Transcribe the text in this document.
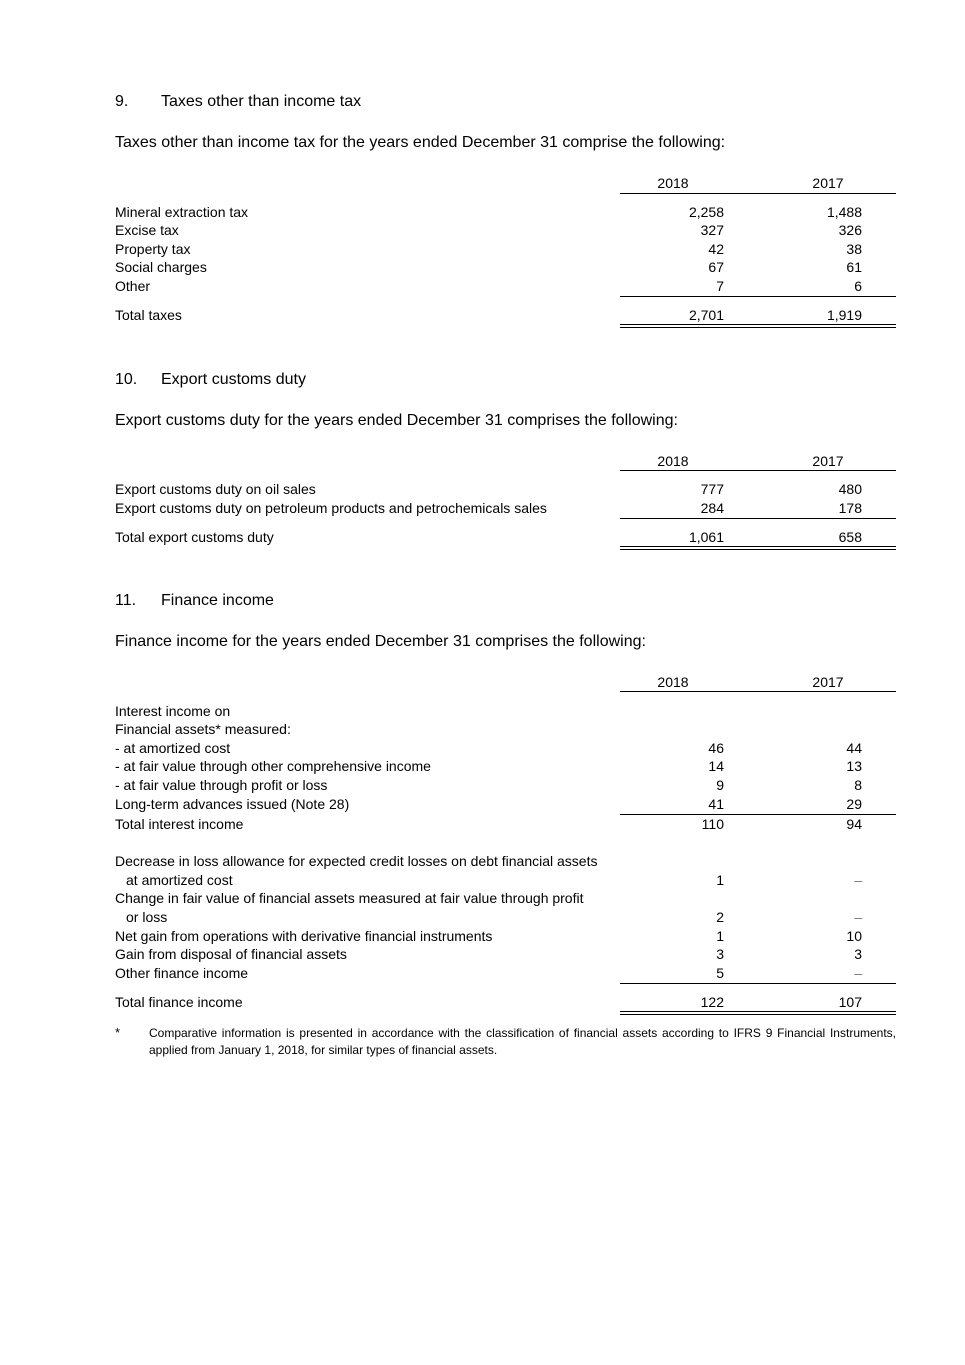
9. Taxes other than income tax
Taxes other than income tax for the years ended December 31 comprise the following:
2018	2017
Mineral extraction tax	2,258	1,488
Excise tax	327	326
Property tax	42	38
Social charges	67	61
Other	7	6
Total taxes	2,701	1,919
10. Export customs duty
Export customs duty for the years ended December 31 comprises the following:
2018	2017
Export customs duty on oil sales	777	480
Export customs duty on petroleum products and petrochemicals sales	284	178
Total export customs duty	1,061	658
11. Finance income
Finance income for the years ended December 31 comprises the following:
2018	2017
Interest income on
Financial assets* measured:
- at amortized cost	46	44
- at fair value through other comprehensive income	14	13
- at fair value through profit or loss	9	8
Long-term advances issued (Note 28)	41	29
Total interest income	110	94
Decrease in loss allowance for expected credit losses on debt financial assets
at amortized cost	1	–
Change in fair value of financial assets measured at fair value through profit
or loss	2	–
Net gain from operations with derivative financial instruments	1	10
Gain from disposal of financial assets	3	3
Other finance income	5	–
Total finance income	122	107
* Comparative information is presented in accordance with the classification of financial assets according to IFRS 9 Financial Instruments, applied from January 1, 2018, for similar types of financial assets.
